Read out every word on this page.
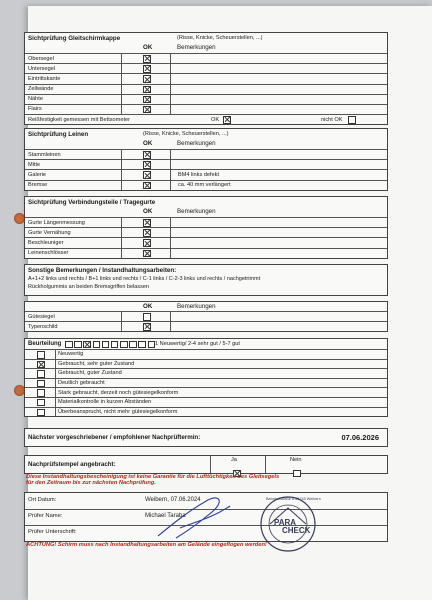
Sichtprüfung Gleitschirmkappe	(Risse, Knicke, Scheuerstellen, ...)
OK	Bemerkungen
Obersegel
Untersegel
Eintrittskante
Zellwände
Nähte
Flairs
Reißfestigkeit gemessen mit Bettsometer	OK	nicht OK
Sichtprüfung Leinen	(Risse, Knicke, Scheuerstellen, ...)
OK	Bemerkungen
Stammleinen
Mitte
Galerie	BM4 links defekt
Bremse	ca. 40 mm verlängert
Sichtprüfung Verbindungsteile / Tragegurte
OK	Bemerkungen
Gurte Längenmessung
Gurte Vernähung
Beschleuniger
Leinenschlösser
Sonstige Bemerkungen / Instandhaltungsarbeiten:
A+1+2 links und rechts / B+1 links und rechts / C-1 links / C-2-3 links und rechts / nachgetrimmt
Rückholgummis an beiden Bremsgriffen belassen
OK	Bemerkungen
Gütesiegel
Typenschild
Beurteilung
	1 Neuwertig/ 2-4 sehr gut / 5-7 gut
Neuwertig
Gebraucht, sehr guter Zustand
Gebraucht, guter Zustand
Deutlich gebraucht
Stark gebraucht, derzeit noch gütesiegelkonform
Materialkontrolle in kurzen Abständen
Überbeansprucht, nicht mehr gütesiegelkonform
Nächster vorgeschriebener / empfohlener Nachprüftermin:	07.06.2026
Nachprüfstempel angebracht:
Ja	Nein
Diese Instandhaltungsbescheinigung ist keine Garantie für die Lufttüchtigkeit des Gleitsegels
für den Zeitraum bis zur nächsten Nachprüfung.
Ort Datum:	Weibern, 07.06.2024
Prüfer Name:	Michael Taraba
Prüfer Unterschrift:
Bahnhofstraße 6 56745 Weibern
PARA
CHECK
ACHTUNG! Schirm muss nach Instandhaltungsarbeiten am Gelände eingeflogen werden!
